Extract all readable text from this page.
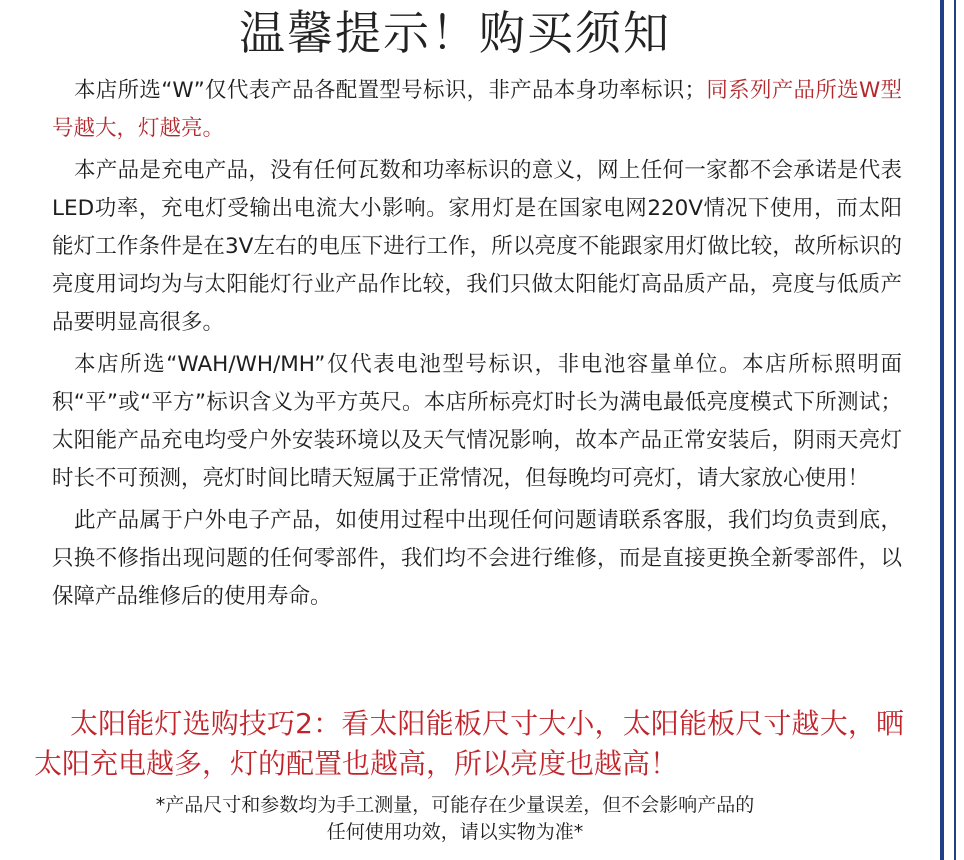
温馨提示！购买须知

本店所选“W”仅代表产品各配置型号标识，非产品本身功率标识；同系列产品所选W型号越大，灯越亮。

本产品是充电产品，没有任何瓦数和功率标识的意义，网上任何一家都不会承诺是代表LED功率，充电灯受输出电流大小影响。家用灯是在国家电网220V情况下使用，而太阳能灯工作条件是在3V左右的电压下进行工作，所以亮度不能跟家用灯做比较，故所标识的亮度用词均为与太阳能灯行业产品作比较，我们只做太阳能灯高品质产品，亮度与低质产品要明显高很多。

本店所选“WAH/WH/MH”仅代表电池型号标识，非电池容量单位。本店所标照明面积“平”或“平方”标识含义为平方英尺。本店所标亮灯时长为满电最低亮度模式下所测试；太阳能产品充电均受户外安装环境以及天气情况影响，故本产品正常安装后，阴雨天亮灯时长不可预测，亮灯时间比晴天短属于正常情况，但每晚均可亮灯，请大家放心使用！

此产品属于户外电子产品，如使用过程中出现任何问题请联系客服，我们均负责到底，只换不修指出现问题的任何零部件，我们均不会进行维修，而是直接更换全新零部件，以保障产品维修后的使用寿命。

太阳能灯选购技巧2：看太阳能板尺寸大小，太阳能板尺寸越大，晒太阳充电越多，灯的配置也越高，所以亮度也越高！
*产品尺寸和参数均为手工测量，可能存在少量误差，但不会影响产品的
任何使用功效，请以实物为准*
